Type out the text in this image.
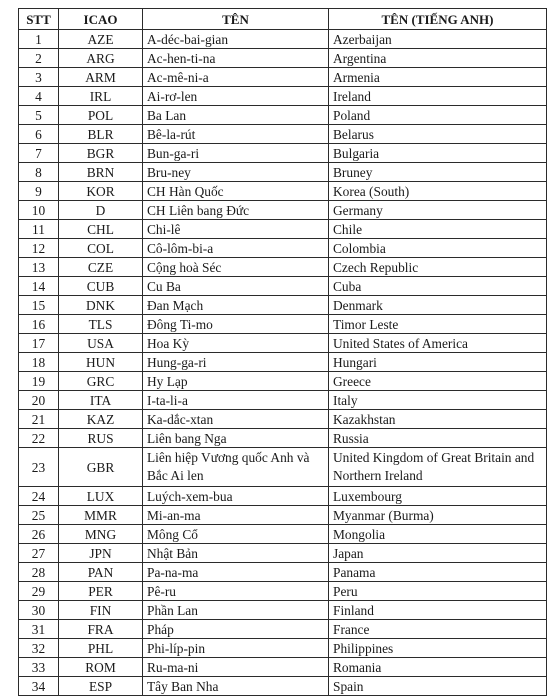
STT	ICAO	TÊN	TÊN (TIẾNG ANH)
1	AZE	A-déc-bai-gian	Azerbaijan
2	ARG	Ac-hen-ti-na	Argentina
3	ARM	Ac-mê-ni-a	Armenia
4	IRL	Ai-rơ-len	Ireland
5	POL	Ba Lan	Poland
6	BLR	Bê-la-rút	Belarus
7	BGR	Bun-ga-ri	Bulgaria
8	BRN	Bru-ney	Bruney
9	KOR	CH Hàn Quốc	Korea (South)
10	D	CH Liên bang Đức	Germany
11	CHL	Chi-lê	Chile
12	COL	Cô-lôm-bi-a	Colombia
13	CZE	Cộng hoà Séc	Czech Republic
14	CUB	Cu Ba	Cuba
15	DNK	Đan Mạch	Denmark
16	TLS	Đông Ti-mo	Timor Leste
17	USA	Hoa Kỳ	United States of America
18	HUN	Hung-ga-ri	Hungari
19	GRC	Hy Lạp	Greece
20	ITA	I-ta-li-a	Italy
21	KAZ	Ka-dắc-xtan	Kazakhstan
22	RUS	Liên bang Nga	Russia
23	GBR	Liên hiệp Vương quốc Anh và Bắc Ai len	United Kingdom of Great Britain and Northern Ireland
24	LUX	Luých-xem-bua	Luxembourg
25	MMR	Mi-an-ma	Myanmar (Burma)
26	MNG	Mông Cổ	Mongolia
27	JPN	Nhật Bản	Japan
28	PAN	Pa-na-ma	Panama
29	PER	Pê-ru	Peru
30	FIN	Phần Lan	Finland
31	FRA	Pháp	France
32	PHL	Phi-líp-pin	Philippines
33	ROM	Ru-ma-ni	Romania
34	ESP	Tây Ban Nha	Spain
